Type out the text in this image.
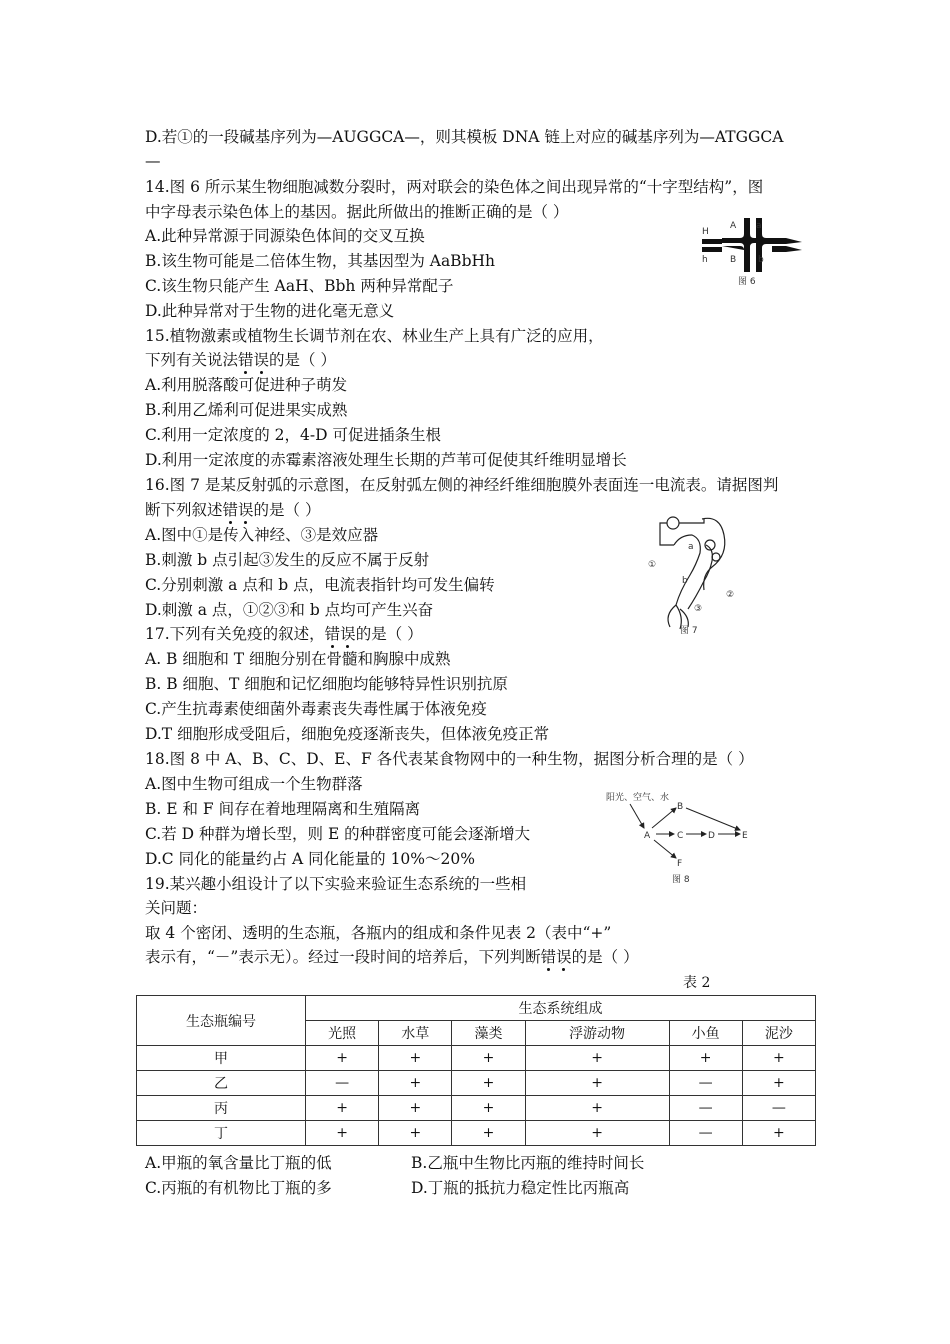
D.若①的一段碱基序列为—AUGGCA—，则其模板 DNA 链上对应的碱基序列为—ATGGCA
—
14.图 6 所示某生物细胞减数分裂时，两对联会的染色体之间出现异常的“十字型结构”，图
中字母表示染色体上的基因。据此所做出的推断正确的是（ ）
A.此种异常源于同源染色体间的交叉互换
B.该生物可能是二倍体生物，其基因型为 AaBbHh
C.该生物只能产生 AaH、Bbh 两种异常配子
D.此种异常对于生物的进化毫无意义
H
h
A a
B b
图 6
15.植物激素或植物生长调节剂在农、林业生产上具有广泛的应用，
下列有关说法错误的是（ ）
A.利用脱落酸可促进种子萌发
B.利用乙烯利可促进果实成熟
C.利用一定浓度的 2，4-D 可促进插条生根
D.利用一定浓度的赤霉素溶液处理生长期的芦苇可促使其纤维明显增长
16.图 7 是某反射弧的示意图，在反射弧左侧的神经纤维细胞膜外表面连一电流表。请据图判
断下列叙述错误的是（ ）
A.图中①是传入神经、③是效应器
B.刺激 b 点引起③发生的反应不属于反射
C.分别刺激 a 点和 b 点，电流表指针均可发生偏转
D.刺激 a 点，①②③和 b 点均可产生兴奋
①
②
③
a
b
图 7
17.下列有关免疫的叙述，错误的是（ ）
A. B 细胞和 T 细胞分别在骨髓和胸腺中成熟
B. B 细胞、T 细胞和记忆细胞均能够特异性识别抗原
C.产生抗毒素使细菌外毒素丧失毒性属于体液免疫
D.T 细胞形成受阻后，细胞免疫逐渐丧失，但体液免疫正常
18.图 8 中 A、B、C、D、E、F 各代表某食物网中的一种生物，据图分析合理的是（ ）
A.图中生物可组成一个生物群落
B. E 和 F 间存在着地理隔离和生殖隔离
C.若 D 种群为增长型，则 E 的种群密度可能会逐渐增大
D.C 同化的能量约占 A 同化能量的 10%～20%
阳光、空气、水
A
B
C	D	E
F
图 8
19.某兴趣小组设计了以下实验来验证生态系统的一些相
关问题：
取 4 个密闭、透明的生态瓶，各瓶内的组成和条件见表 2（表中“+”
表示有，“－”表示无）。经过一段时间的培养后，下列判断错误的是（ ）
表 2
生态瓶编号	生态系统组成					
	光照	水草	藻类	浮游动物	小鱼	泥沙
甲	+	+	+	+	+	+
乙	—	+	+	+	—	+
丙	+	+	+	+	—	—
丁	+	+	+	+	—	+
A.甲瓶的氧含量比丁瓶的低	B.乙瓶中生物比丙瓶的维持时间长
C.丙瓶的有机物比丁瓶的多	D.丁瓶的抵抗力稳定性比丙瓶高
